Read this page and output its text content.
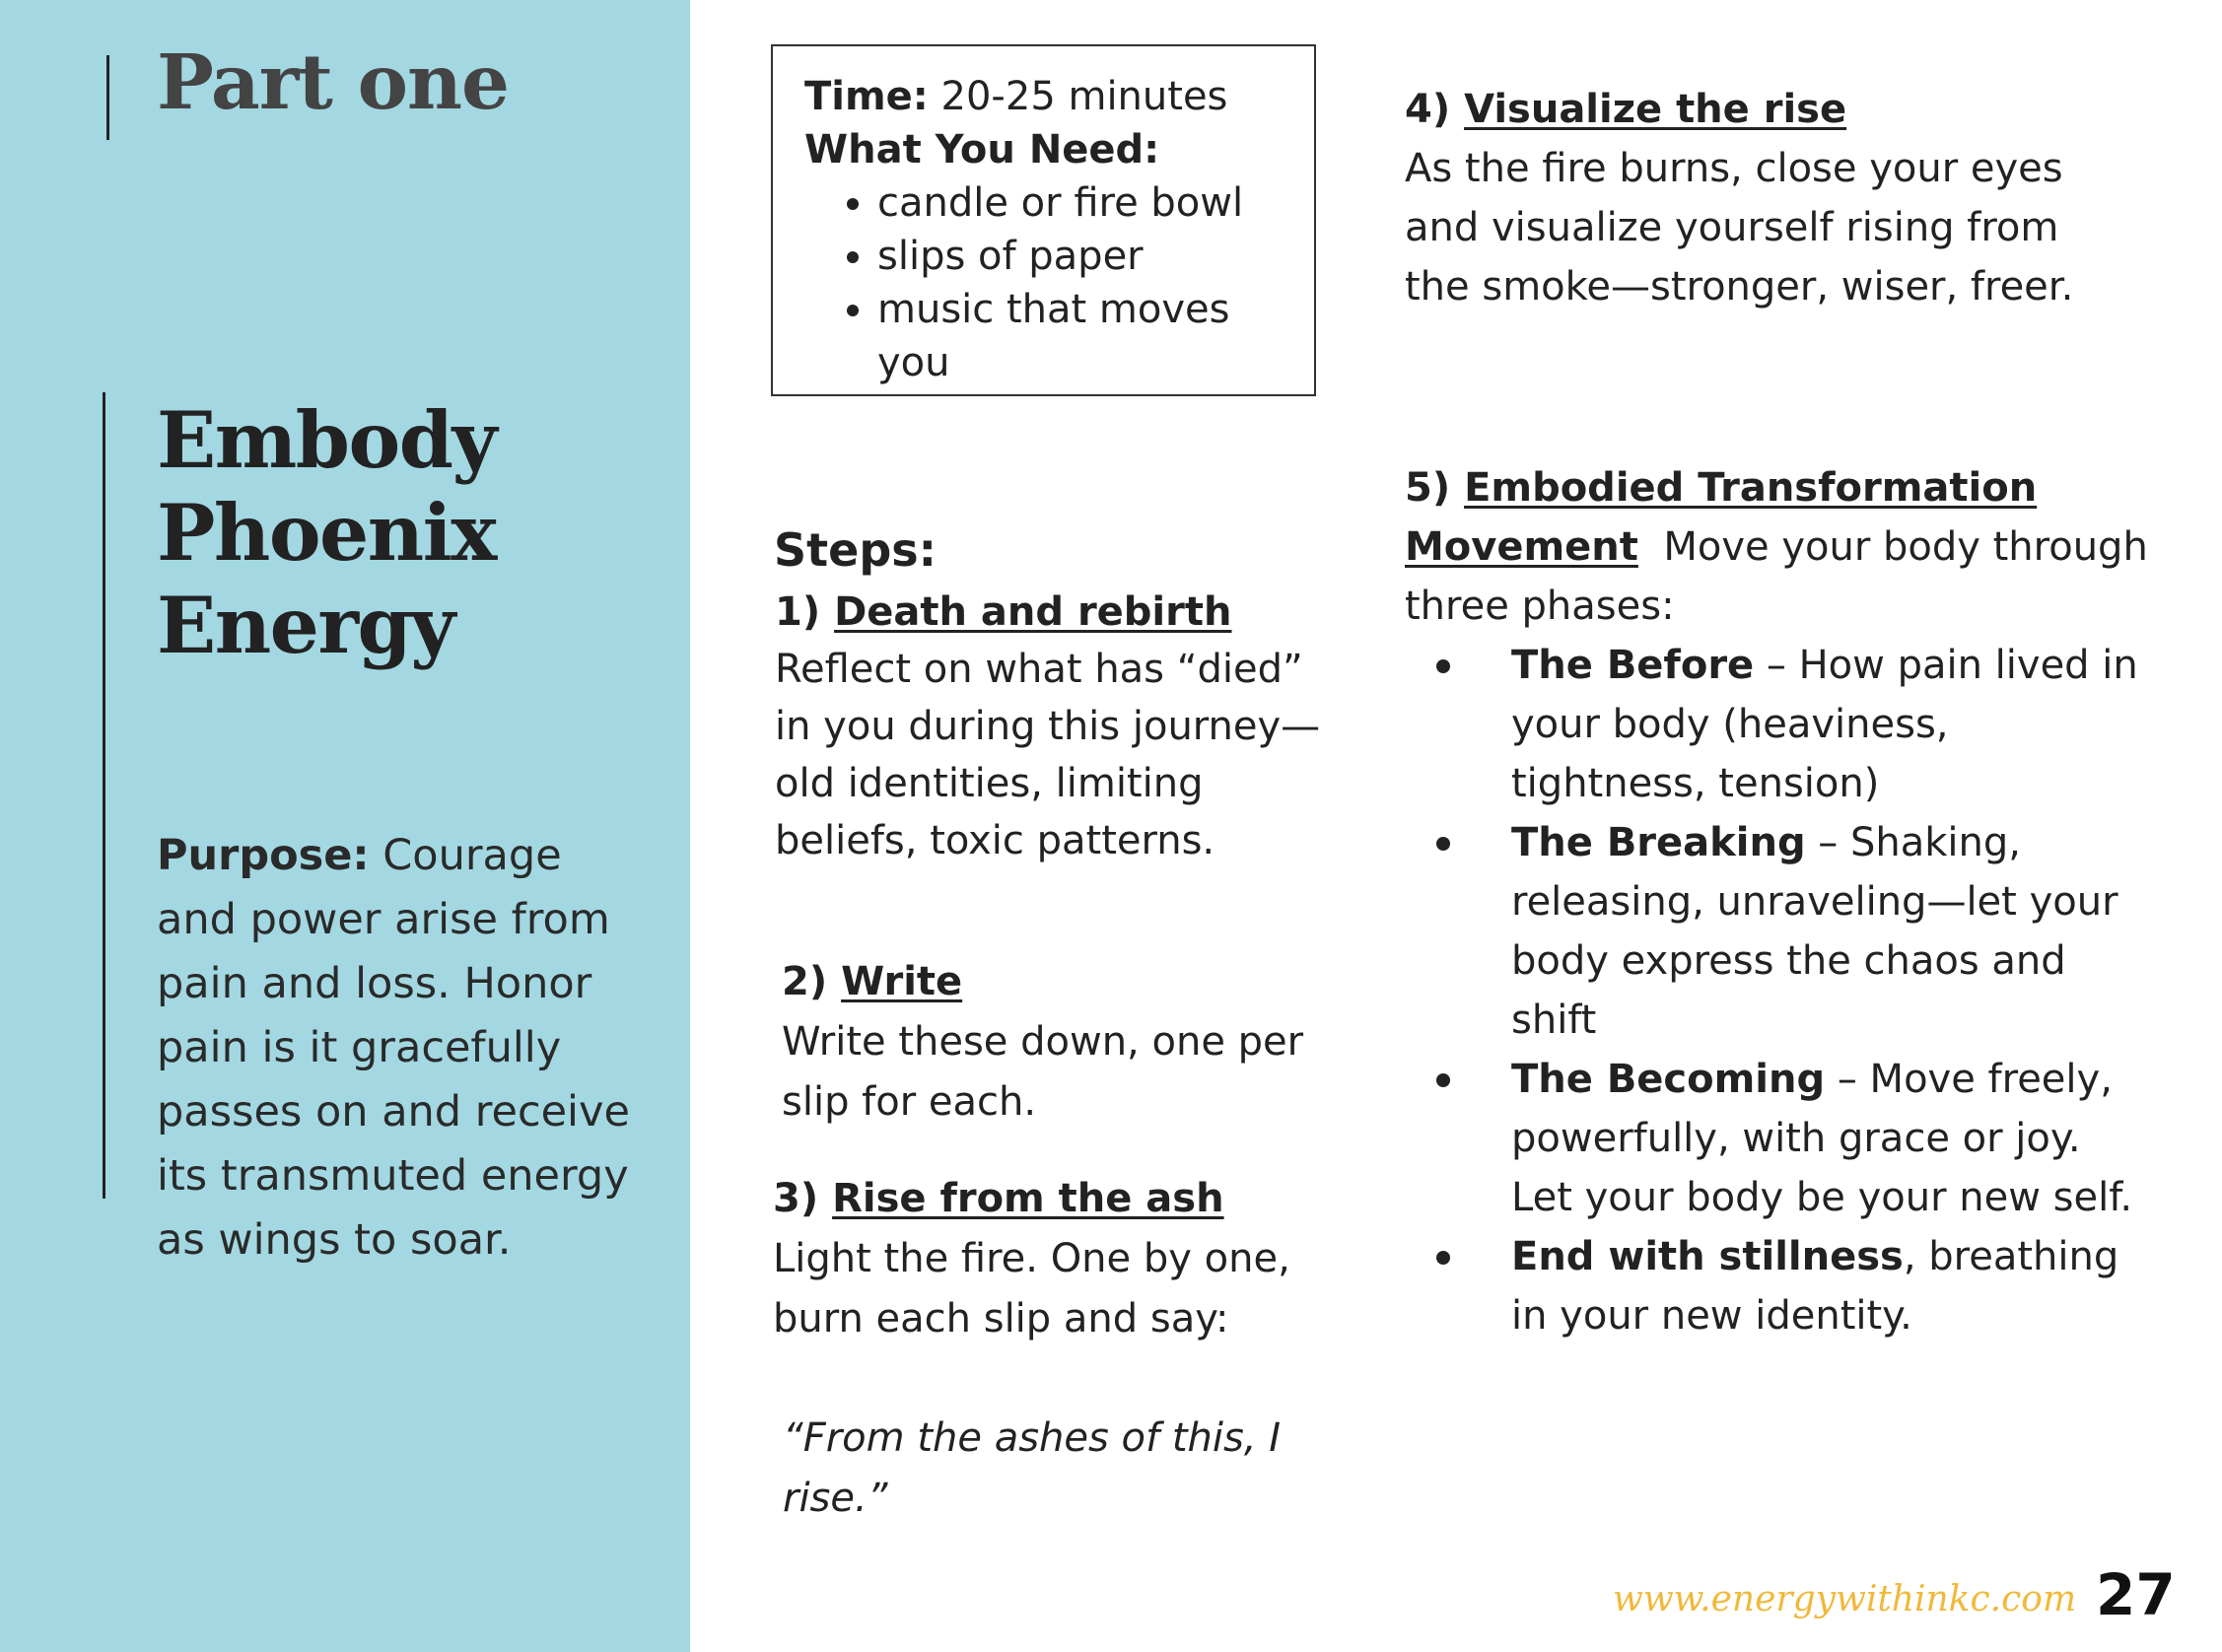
Part one
Embody
Phoenix
Energy

Purpose: Courage and power arise from pain and loss. Honor pain is it gracefully passes on and receive its transmuted energy as wings to soar.

Time: 20-25 minutes

What You Need:

• candle or fire bowl
• slips of paper
• music that moves you
Steps:
1) Death and rebirth
Reflect on what has “died” in you during this journey—old identities, limiting beliefs, toxic patterns.
2) Write
Write these down, one per slip for each.
3) Rise from the ash
Light the fire. One by one, burn each slip and say:
“From the ashes of this, I rise.”
4) Visualize the rise
As the fire burns, close your eyes and visualize yourself rising from the smoke—stronger, wiser, freer.
5) Embodied Transformation
Movement Move your body through three phases:
The Before – How pain lived in your body (heaviness, tightness, tension)
The Breaking – Shaking, releasing, unraveling—let your body express the chaos and shift
The Becoming – Move freely, powerfully, with grace or joy. Let your body be your new self.
End with stillness, breathing in your new identity.
www.energywithinkc.com 27
